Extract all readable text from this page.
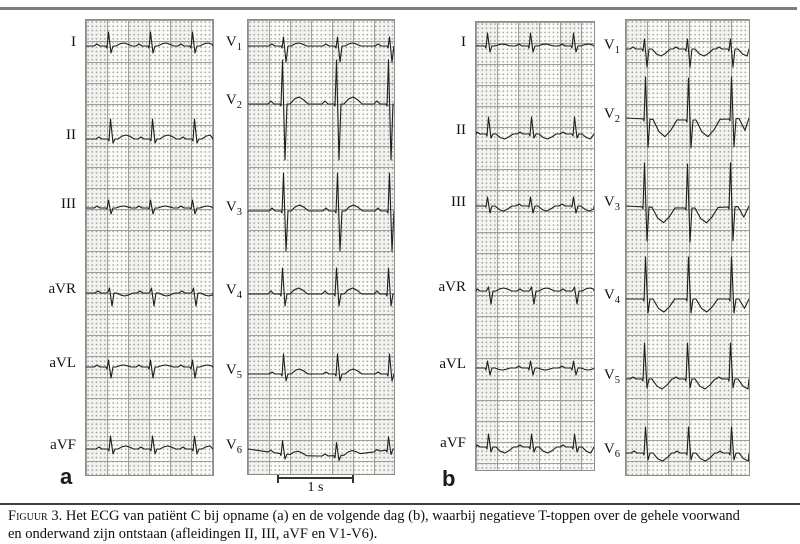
I
II
III
aVR
aVL
aVF
$V_1$
$V_2$
$V_3$
$V_4$
$V_5$
$V_6$
I
II
III
aVR
aVL
aVF
$V_1$
$V_2$
$V_3$
$V_4$
$V_5$
$V_6$
a	b
1 s
Figuur 3. Het ECG van patiënt C bij opname (a) en de volgende dag (b), waarbij negatieve T-toppen over de gehele voorwand
en onderwand zijn ontstaan (afleidingen II, III, aVF en V1-V6).
